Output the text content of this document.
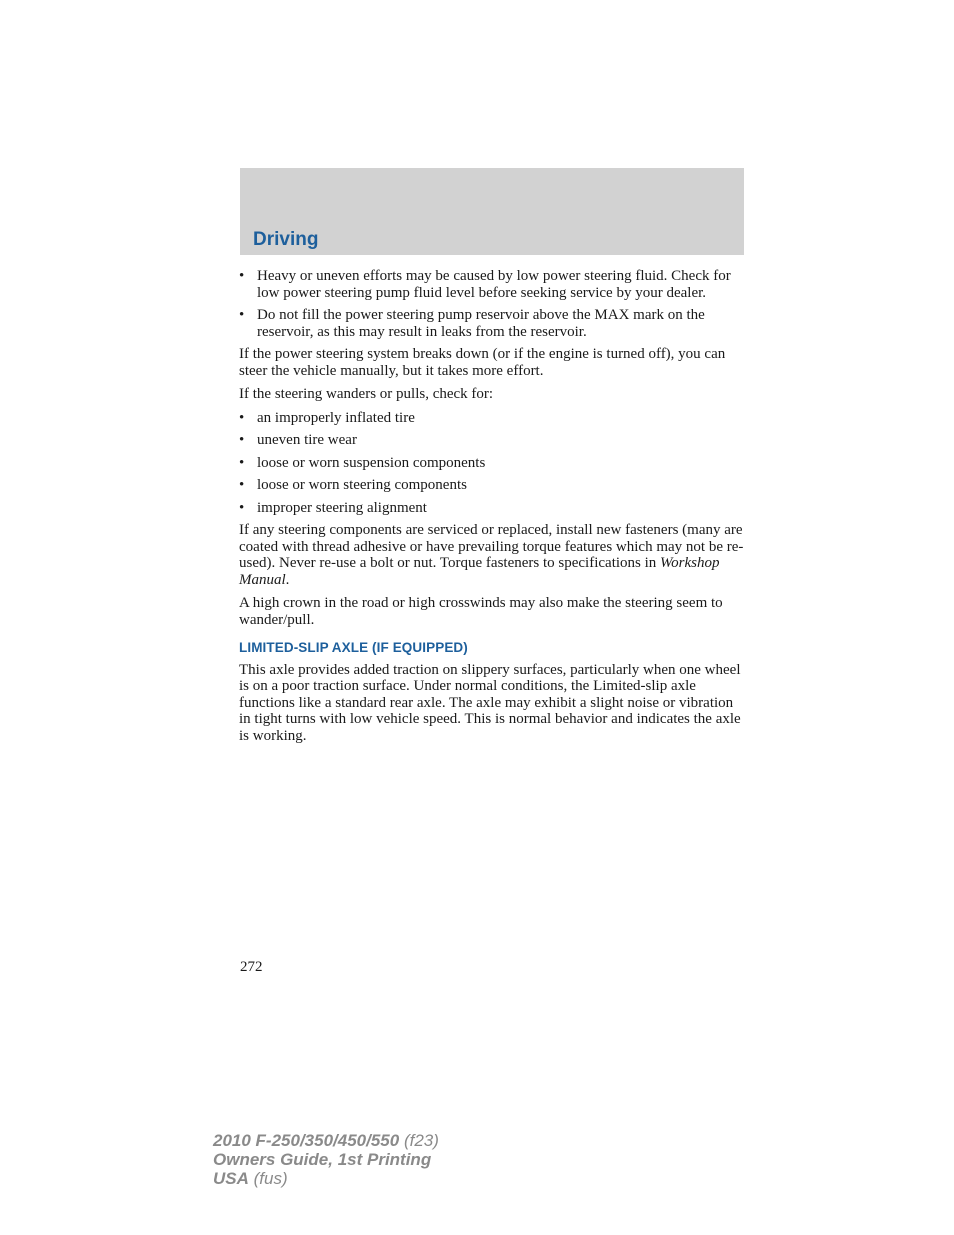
Driving
• Heavy or uneven efforts may be caused by low power steering fluid. Check for low power steering pump fluid level before seeking service by your dealer.
• Do not fill the power steering pump reservoir above the MAX mark on the reservoir, as this may result in leaks from the reservoir.

If the power steering system breaks down (or if the engine is turned off), you can steer the vehicle manually, but it takes more effort.

If the steering wanders or pulls, check for:

• an improperly inflated tire
• uneven tire wear
• loose or worn suspension components
• loose or worn steering components
• improper steering alignment

If any steering components are serviced or replaced, install new fasteners (many are coated with thread adhesive or have prevailing torque features which may not be re-used). Never re-use a bolt or nut. Torque fasteners to specifications in Workshop Manual.

A high crown in the road or high crosswinds may also make the steering seem to wander/pull.

LIMITED-SLIP AXLE (IF EQUIPPED)

This axle provides added traction on slippery surfaces, particularly when one wheel is on a poor traction surface. Under normal conditions, the Limited-slip axle functions like a standard rear axle. The axle may exhibit a slight noise or vibration in tight turns with low vehicle speed. This is normal behavior and indicates the axle is working.

272
2010 F-250/350/450/550 (f23)
Owners Guide, 1st Printing
USA (fus)
